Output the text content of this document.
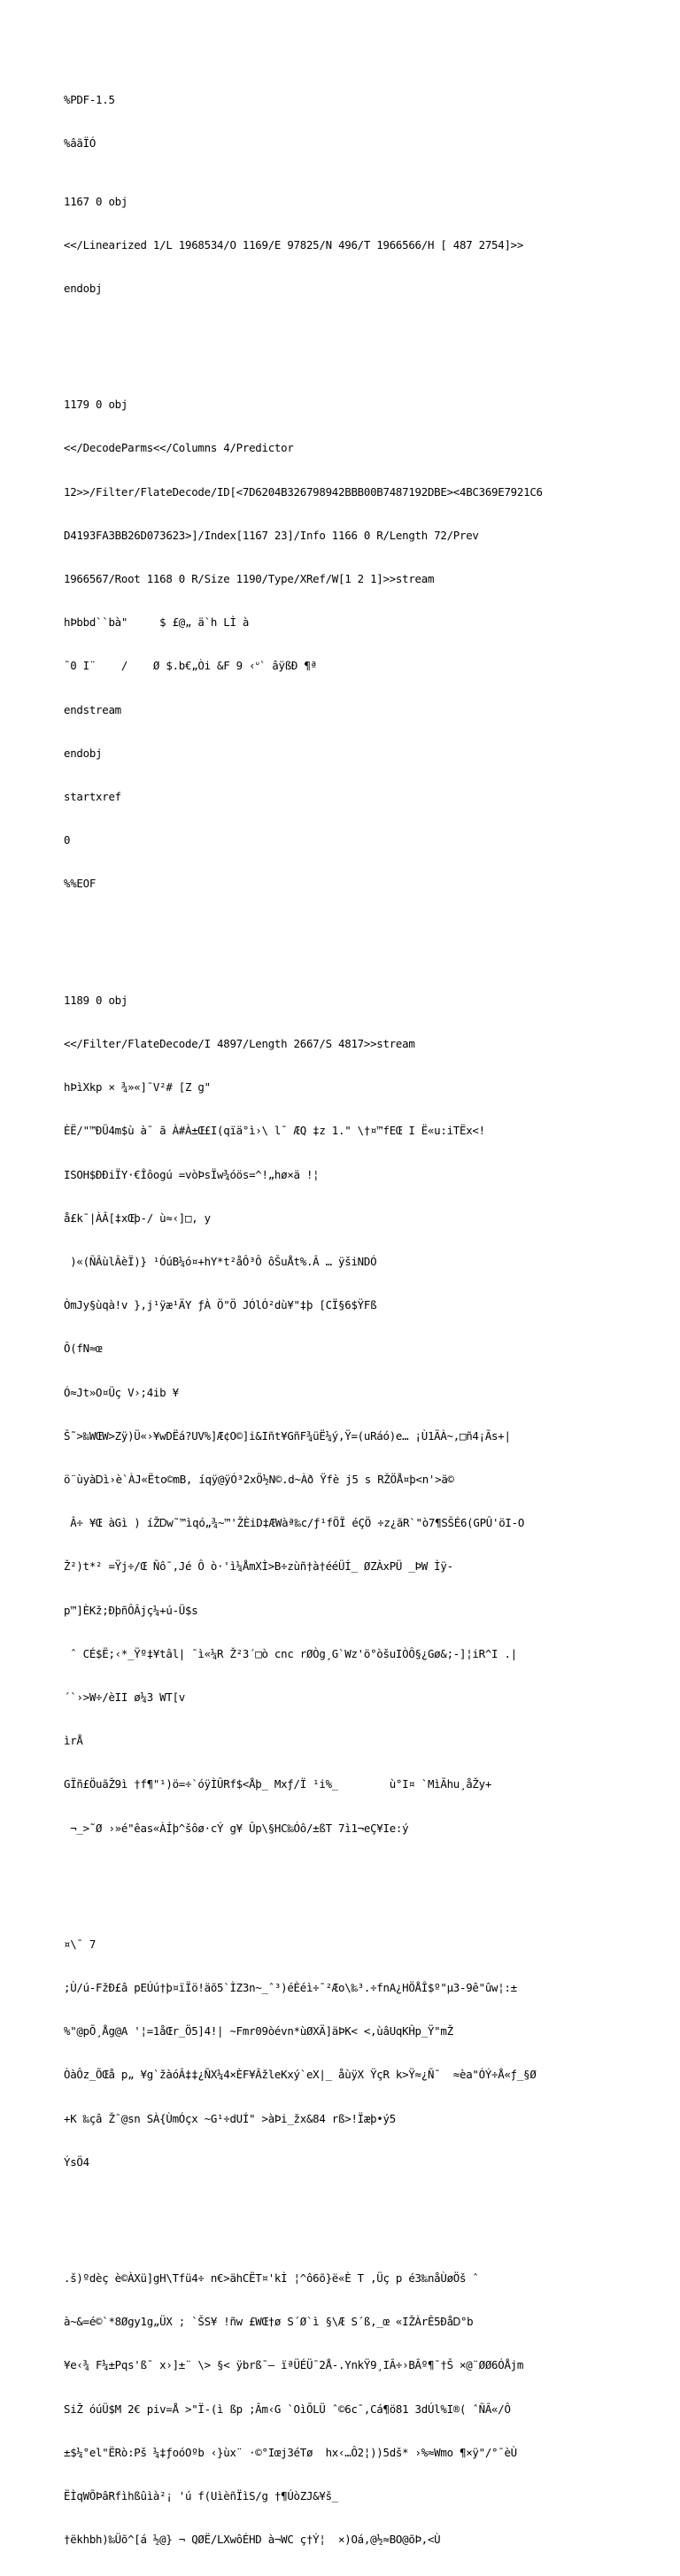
%PDF-1.5

%âãÏÓ

1167 0 obj

<</Linearized 1/L 1968534/O 1169/E 97825/N 496/T 1966566/H [ 487 2754]>>

endobj

1179 0 obj

<</DecodeParms<</Columns 4/Predictor

12>>/Filter/FlateDecode/ID[<7D6204B326798942BBB00B7487192DBE><4BC369E7921C6

D4193FA3BB26D073623>]/Index[1167 23]/Info 1166 0 R/Length 72/Prev

1966567/Root 1168 0 R/Size 1190/Type/XRef/W[1 2 1]>>stream

hÞbbd``bà"     $ £@„ ä`h LÌ à

¯0 I¨    /    Ø $.b€„Òi &F 9 ‹ᐡ` âÿßÐ ¶ª

endstream

endobj

startxref

0

%%EOF

1189 0 obj

<</Filter/FlateDecode/I 4897/Length 2667/S 4817>>stream

hÞìXkp × ¾»«]¯V²# [Z g"

ÈË/"™ÐÜ4m$ù à¯ ã À#À±Œ£I(qïä°ì›\ l¯ ÆQ ‡z 1." \†¤™fEŒ I Ë«u:iTËx<!

ISOH$ÐÐiÏY·€Îôogú =vòÞsÏw¾óös=^!„hø×ä !¦

å£k¯|ÀÂ[‡xŒþ-/ ù≈‹]□, y

)«(ÑÂùlÂèÏ)} ¹ÓúB¼ó¤+hY*t²åÔ³Ô ôŠuÅt%.Â … ÿšiNDÓ

ÒmJy§ùqà!v },j¹ÿæ¹ÄY ƒÀ Ö"Ö JÓlÓ²dù¥"‡þ [CÏ§6$ŸFß

Ô(fN≈œ

Ó≈Jt»O¤Üç V›;4ib ¥

Š˜>‰WŒW>Zÿ)Ü«›¥wDËá?UV%]Æ¢O©]i&Iñt¥GñF¾üË¼ý,Ÿ=(uRáó)e… ¡Ù1ÄÀ~,□ñ4¡Ãs+|

ö¨ùyàᎠì›è`ÀJ«Ëto©mB, íqÿ@ÿÓ³2xÖ½N©.d~Àð Ÿfè j5 s RŽÖÅ¤þ<n'>ä©

Â÷ ¥Œ àGì ) íŽᎠw˜™ìqó„¾~™'ŽÈiD‡ÆWàª‰c/ƒ¹fÖÏ éÇÖ ÷z¿ãR`"ò7¶SŠÉ6(GPÛ'öI-O

Ž²)t*² =Ÿj÷/Œ Ñô¯,Jé Ô ò·'ì¼ÅmXÌ>B÷zùñ†à†ééÜÍ_ ØZÀxPÜ _ÞW Ìÿ-

p™]ÈKž;ÐþñÔÂjç¼+ú-Ü$s

ˆ CÉ$Ë;‹*_Ÿº‡¥tâl| ¯ì«¼R Ž²3´□ò cnc rØÒg¸G`Wz'ö°òšuIÒÔ§¿Gø&;-]¦iR^I .|

´`›>W÷/èII ø¼3 WT[v

ìrÅ

GÏñ£ÖuãŽ9ì †f¶"¹)ö=÷`óÿÌÛRf$<Åþ_ Mxƒ/Ï ¹i%_        ù°I¤ `MìÃhu¸åŽy+

¬_>˜Ø ›»é"êas«ÀÍþ^šôø·cÝ g¥ Ûp\§HC‰Óô/±ßT 7ì1¬eÇ¥Ie:ý

¤\¯ 7

;Ù/ú-FžÐ£â pEÚú†þ¤ïÏö!äõ5`ÌZ3n~_ˆ³)éÈéì÷¯²Æo\‰³.÷fnA¿HÖÅÎ$º"µ3-9ê"ûw¦:±

%"@pÕ¸Åg@A '¦=1åŒr_Ö5]4!| ~Fmr09òévn*ùØXÄ]äÞK< <,ùâUqKĤp_Ÿ"mŽ

ÒàÔz_ÕŒå p„ ¥g`žàóÂ‡‡¿ÑX¼4×ÈF¥ÂžleKxý`eX|_ åùÿX ŸçR k>Ÿ≈¿Ñ¯  ≈èa"ÓÝ÷Å«ƒ_§Ø

+K ‰çâ Ž¯@sn SÀ{ÙmÓçx ~G¹÷dUÍ" >àÞi_žx&84 rß>!Ïæþ•ý5

ÝsÖ4

.š)ºdèç è©ÀXü]gH\Tfü4÷ n€>ähCËT¤'kÌ ¦^ô6õ}ë«È T ,Üç p é3‰nåÙøÖš ˆ

à~&=é©`*8Øgy1g„ÜX ; `ŠS¥ !ñw £WŒ†ø S´Ø`ì §\Æ S´ß,_œ «IŽÀrÊ5ÐåᎠ°b

¥e‹¾ F¼±Pqs'ß¯ x›]±¨ \> §< ÿbrß¯– ïªÜÉÜ¯2Å-.YnkŸ9¸IÂ÷›BÂº¶¯†Š ×@¨ØØ6ÓÅjm

SiŽ óúÜ$M 2€ piv=Å >"Ï-(ì ßp ;Âm‹G `OìÕLÜ ˆ©6c¯,Cá¶ö81 3dÚl%I®( ˆÑÂ«/Ô

±$¼°el"ËRò:Pš ¼‡ƒoóOºb ‹}ùx¨ ·©°Iœj3éTø  hx‹…Ô2¦))5dš* ›%≈Wmo ¶×ÿ"/°¯èÙ

ËÌqWÕÞâRfìhßûìà²¡ 'ú f(UìèñÏìS/g †¶ÚòZJ&¥š_

†ëkhbh)‰Üõ^[á ½@} ¬ QØË/LXwôÉHD à¬WC ç†Ý¦  ×)Oá,@½≈BO@õÞ,<Ù
